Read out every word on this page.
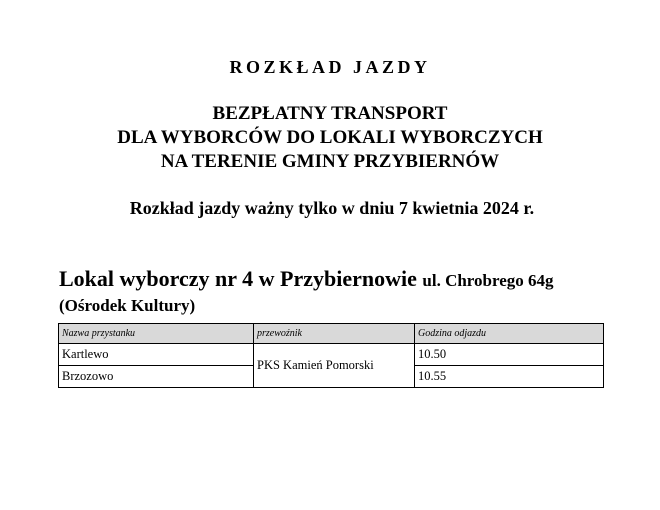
ROZKŁAD JAZDY
BEZPŁATNY TRANSPORT
DLA WYBORCÓW DO LOKALI WYBORCZYCH
NA TERENIE GMINY PRZYBIERNÓW
Rozkład jazdy ważny tylko w dniu 7 kwietnia 2024 r.
Lokal wyborczy nr 4 w Przybiernowie ul. Chrobrego 64g
(Ośrodek Kultury)
Nazwa przystanku	przewoźnik	Godzina odjazdu
Kartlewo	PKS Kamień Pomorski	10.50
Brzozowo		10.55
